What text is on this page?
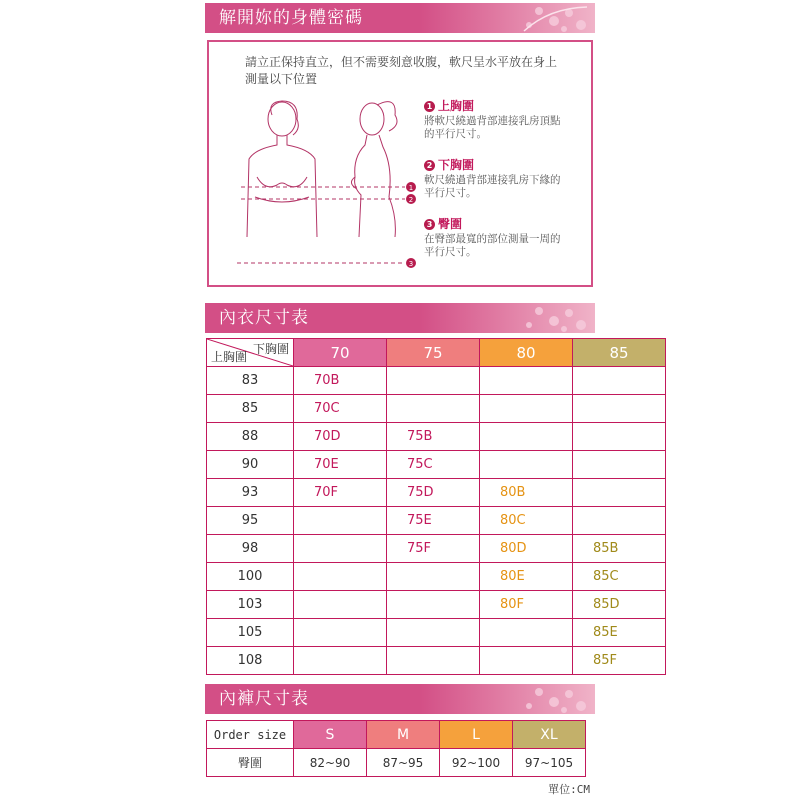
解開妳的身體密碼
請立正保持直立，但不需要刻意收腹，軟尺呈水平放在身上
測量以下位置
1
2
3
1 上胸圍
將軟尺繞過背部連接乳房頂點
的平行尺寸。
2 下胸圍
軟尺繞過背部連接乳房下緣的
平行尺寸。
3 臀圍
在臀部最寬的部位測量一周的
平行尺寸。
內衣尺寸表
下胸圍
上胸圍	70	75	80	85
83	70B			
85	70C			
88	70D	75B		
90	70E	75C		
93	70F	75D	80B	
95		75E	80C	
98		75F	80D	85B
100			80E	85C
103			80F	85D
105				85E
108				85F
內褲尺寸表
Order size	S	M	L	XL
臀圍	82~90	87~95	92~100	97~105
單位:CM
